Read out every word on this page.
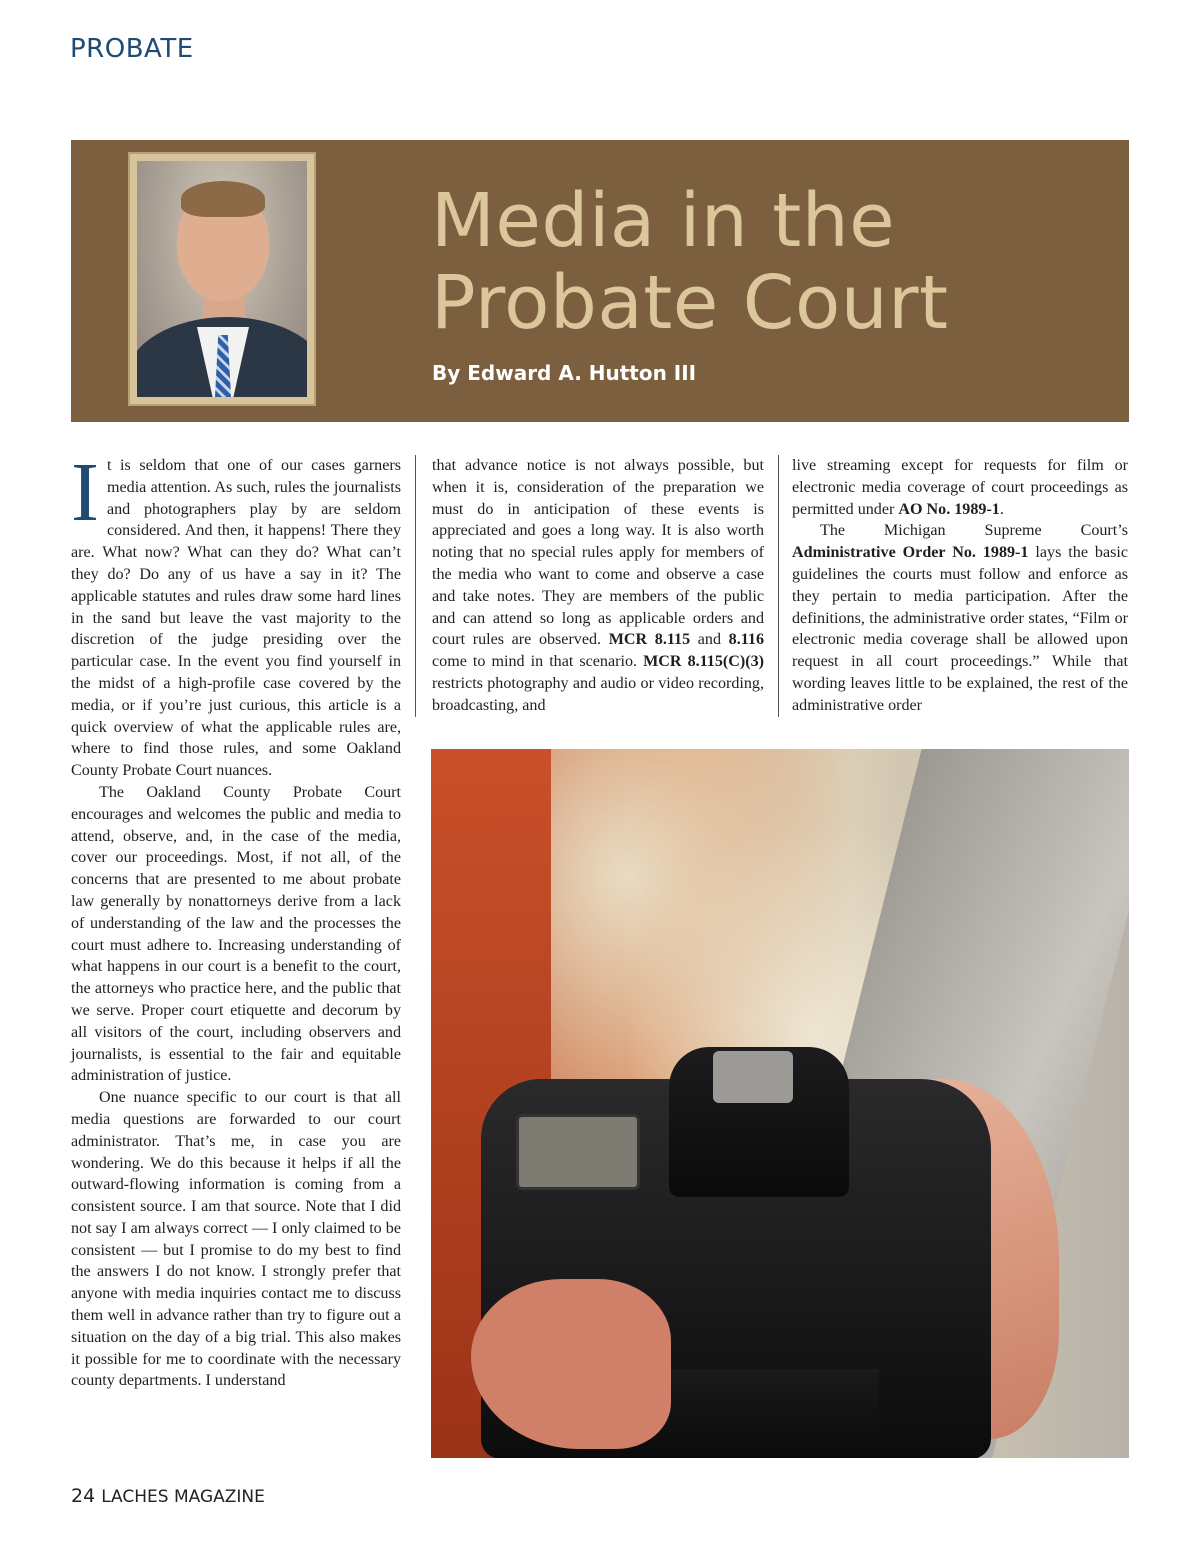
PROBATE
Media in the
Probate Court
By Edward A. Hutton III

It is seldom that one of our cases garners media attention. As such, rules the journalists and photographers play by are seldom considered. And then, it happens! There they are. What now? What can they do? What can’t they do? Do any of us have a say in it? The applicable statutes and rules draw some hard lines in the sand but leave the vast majority to the discretion of the judge presiding over the particular case. In the event you find yourself in the midst of a high-profile case covered by the media, or if you’re just curious, this article is a quick overview of what the applicable rules are, where to find those rules, and some Oakland County Probate Court nuances.

The Oakland County Probate Court encourages and welcomes the public and media to attend, observe, and, in the case of the media, cover our proceedings. Most, if not all, of the concerns that are presented to me about probate law generally by nonattorneys derive from a lack of understanding of the law and the processes the court must adhere to. Increasing understanding of what happens in our court is a benefit to the court, the attorneys who practice here, and the public that we serve. Proper court etiquette and decorum by all visitors of the court, including observers and journalists, is essential to the fair and equitable administration of justice.

One nuance specific to our court is that all media questions are forwarded to our court administrator. That’s me, in case you are wondering. We do this because it helps if all the outward-flowing information is coming from a consistent source. I am that source. Note that I did not say I am always correct — I only claimed to be consistent — but I promise to do my best to find the answers I do not know. I strongly prefer that anyone with media inquiries contact me to discuss them well in advance rather than try to figure out a situation on the day of a big trial. This also makes it possible for me to coordinate with the necessary county departments. I understand

that advance notice is not always possible, but when it is, consideration of the preparation we must do in anticipation of these events is appreciated and goes a long way. It is also worth noting that no special rules apply for members of the media who want to come and observe a case and take notes. They are members of the public and can attend so long as applicable orders and court rules are observed. MCR 8.115 and 8.116 come to mind in that scenario. MCR 8.115(C)(3) restricts photography and audio or video recording, broadcasting, and

live streaming except for requests for film or electronic media coverage of court proceedings as permitted under AO No. 1989-1.

The Michigan Supreme Court’s Administrative Order No. 1989-1 lays the basic guidelines the courts must follow and enforce as they pertain to media participation. After the definitions, the administrative order states, “Film or electronic media coverage shall be allowed upon request in all court proceedings.” While that wording leaves little to be explained, the rest of the administrative order

24 LACHES MAGAZINE
